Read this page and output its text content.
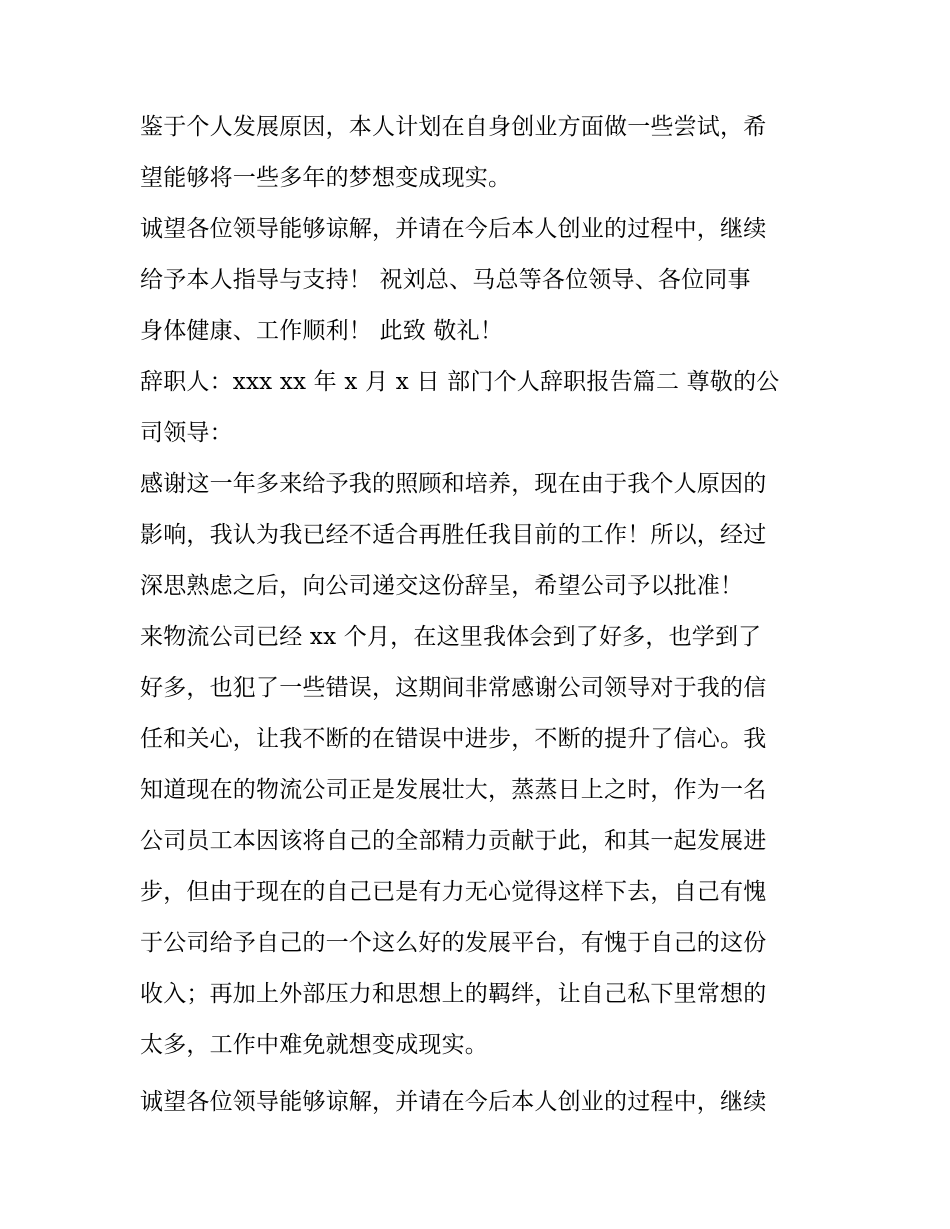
鉴于个人发展原因，本人计划在自身创业方面做一些尝试，希
望能够将一些多年的梦想变成现实。
诚望各位领导能够谅解，并请在今后本人创业的过程中，继续
给予本人指导与支持！ 祝刘总、马总等各位领导、各位同事
身体健康、工作顺利！ 此致 敬礼！
辞职人：xxx xx 年 x 月 x 日 部门个人辞职报告篇二 尊敬的公
司领导：
感谢这一年多来给予我的照顾和培养，现在由于我个人原因的
影响，我认为我已经不适合再胜任我目前的工作！所以，经过
深思熟虑之后，向公司递交这份辞呈，希望公司予以批准！
来物流公司已经 xx 个月，在这里我体会到了好多，也学到了
好多，也犯了一些错误，这期间非常感谢公司领导对于我的信
任和关心，让我不断的在错误中进步，不断的提升了信心。我
知道现在的物流公司正是发展壮大，蒸蒸日上之时，作为一名
公司员工本因该将自己的全部精力贡献于此，和其一起发展进
步，但由于现在的自己已是有力无心觉得这样下去，自己有愧
于公司给予自己的一个这么好的发展平台，有愧于自己的这份
收入；再加上外部压力和思想上的羁绊，让自己私下里常想的
太多，工作中难免就想变成现实。
诚望各位领导能够谅解，并请在今后本人创业的过程中，继续
